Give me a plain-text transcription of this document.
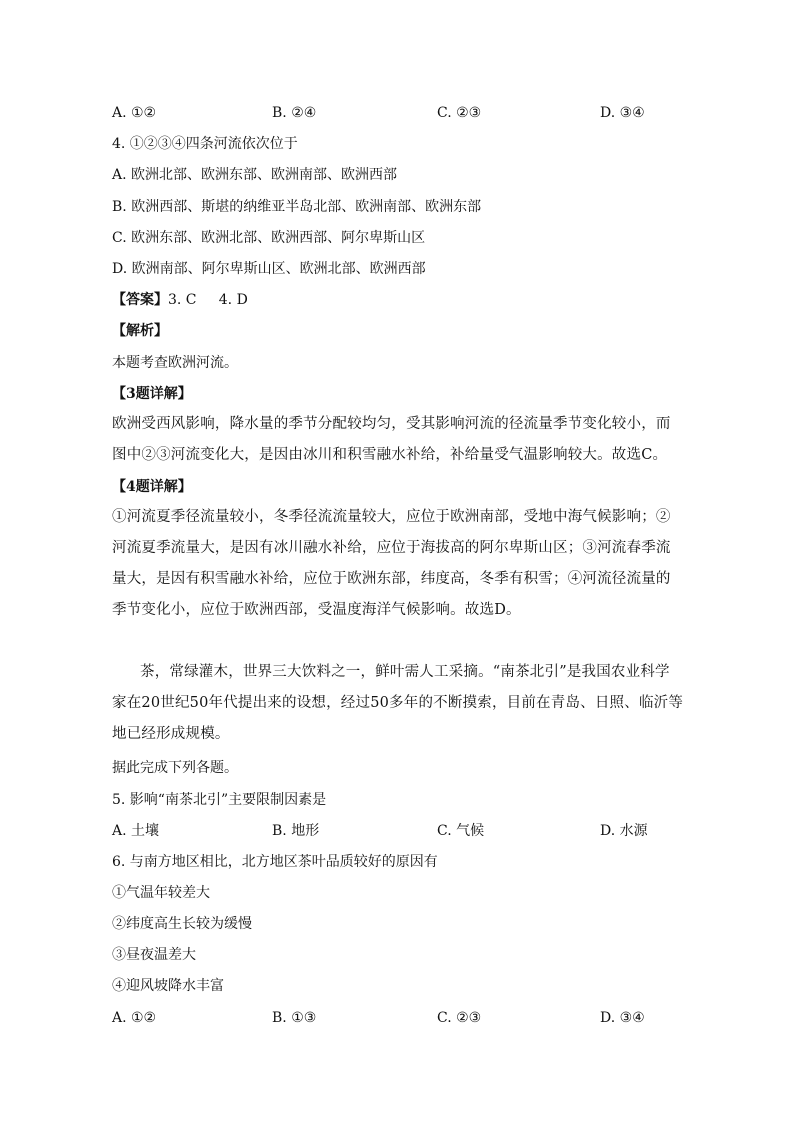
A. ①②	B. ②④	C. ②③	D. ③④
4. ①②③④四条河流依次位于
A. 欧洲北部、欧洲东部、欧洲南部、欧洲西部
B. 欧洲西部、斯堪的纳维亚半岛北部、欧洲南部、欧洲东部
C. 欧洲东部、欧洲北部、欧洲西部、阿尔卑斯山区
D. 欧洲南部、阿尔卑斯山区、欧洲北部、欧洲西部
【答案】3. C     4. D
【解析】
本题考查欧洲河流。
【3题详解】
欧洲受西风影响，降水量的季节分配较均匀，受其影响河流的径流量季节变化较小，而图中②③河流变化大，是因由冰川和积雪融水补给，补给量受气温影响较大。故选C。
【4题详解】
①河流夏季径流量较小，冬季径流流量较大，应位于欧洲南部，受地中海气候影响；②河流夏季流量大，是因有冰川融水补给，应位于海拔高的阿尔卑斯山区；③河流春季流量大，是因有积雪融水补给，应位于欧洲东部，纬度高，冬季有积雪；④河流径流量的季节变化小，应位于欧洲西部，受温度海洋气候影响。故选D。
茶，常绿灌木，世界三大饮料之一，鲜叶需人工采摘。“南茶北引”是我国农业科学家在20世纪50年代提出来的设想，经过50多年的不断摸索，目前在青岛、日照、临沂等地已经形成规模。
据此完成下列各题。
5. 影响“南茶北引”主要限制因素是
A. 土壤	B. 地形	C. 气候	D. 水源
6. 与南方地区相比，北方地区茶叶品质较好的原因有
①气温年较差大
②纬度高生长较为缓慢
③昼夜温差大
④迎风坡降水丰富
A. ①②	B. ①③	C. ②③	D. ③④
